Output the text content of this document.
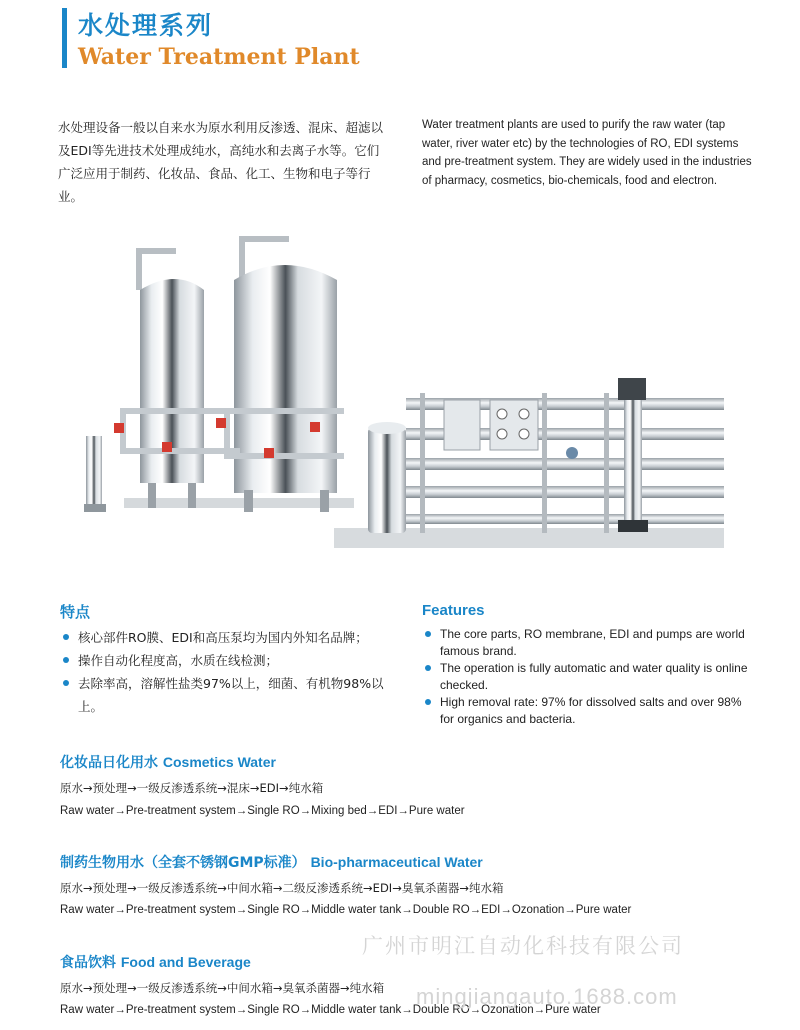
水处理系列
Water Treatment Plant
水处理设备一般以自来水为原水利用反渗透、混床、超滤以及EDI等先进技术处理成纯水，高纯水和去离子水等。它们广泛应用于制药、化妆品、食品、化工、生物和电子等行业。
Water treatment plants are used to purify the raw water (tap water, river water etc) by the technologies of RO, EDI systems and pre-treatment system. They are widely used in the industries of pharmacy, cosmetics, bio-chemicals, food and electron.
特点
核心部件RO膜、EDI和高压泵均为国内外知名品牌；
操作自动化程度高，水质在线检测；
去除率高，溶解性盐类97%以上，细菌、有机物98%以上。
Features
The core parts, RO membrane, EDI and pumps are world famous brand.
The operation is fully automatic and water quality is online checked.
High removal rate: 97% for dissolved salts and over 98% for organics and bacteria.
化妆品日化用水 Cosmetics Water
原水→预处理→一级反渗透系统→混床→EDI→纯水箱
Raw water→Pre-treatment system→Single RO→Mixing bed→EDI→Pure water
制药生物用水（全套不锈钢GMP标准） Bio-pharmaceutical Water
原水→预处理→一级反渗透系统→中间水箱→二级反渗透系统→EDI→臭氧杀菌器→纯水箱
Raw water→Pre-treatment system→Single RO→Middle water tank→Double RO→EDI→Ozonation→Pure water
食品饮料 Food and Beverage
原水→预处理→一级反渗透系统→中间水箱→臭氧杀菌器→纯水箱
Raw water→Pre-treatment system→Single RO→Middle water tank→Double RO→Ozonation→Pure water
广州市明江自动化科技有限公司
mingjiangauto.1688.com
